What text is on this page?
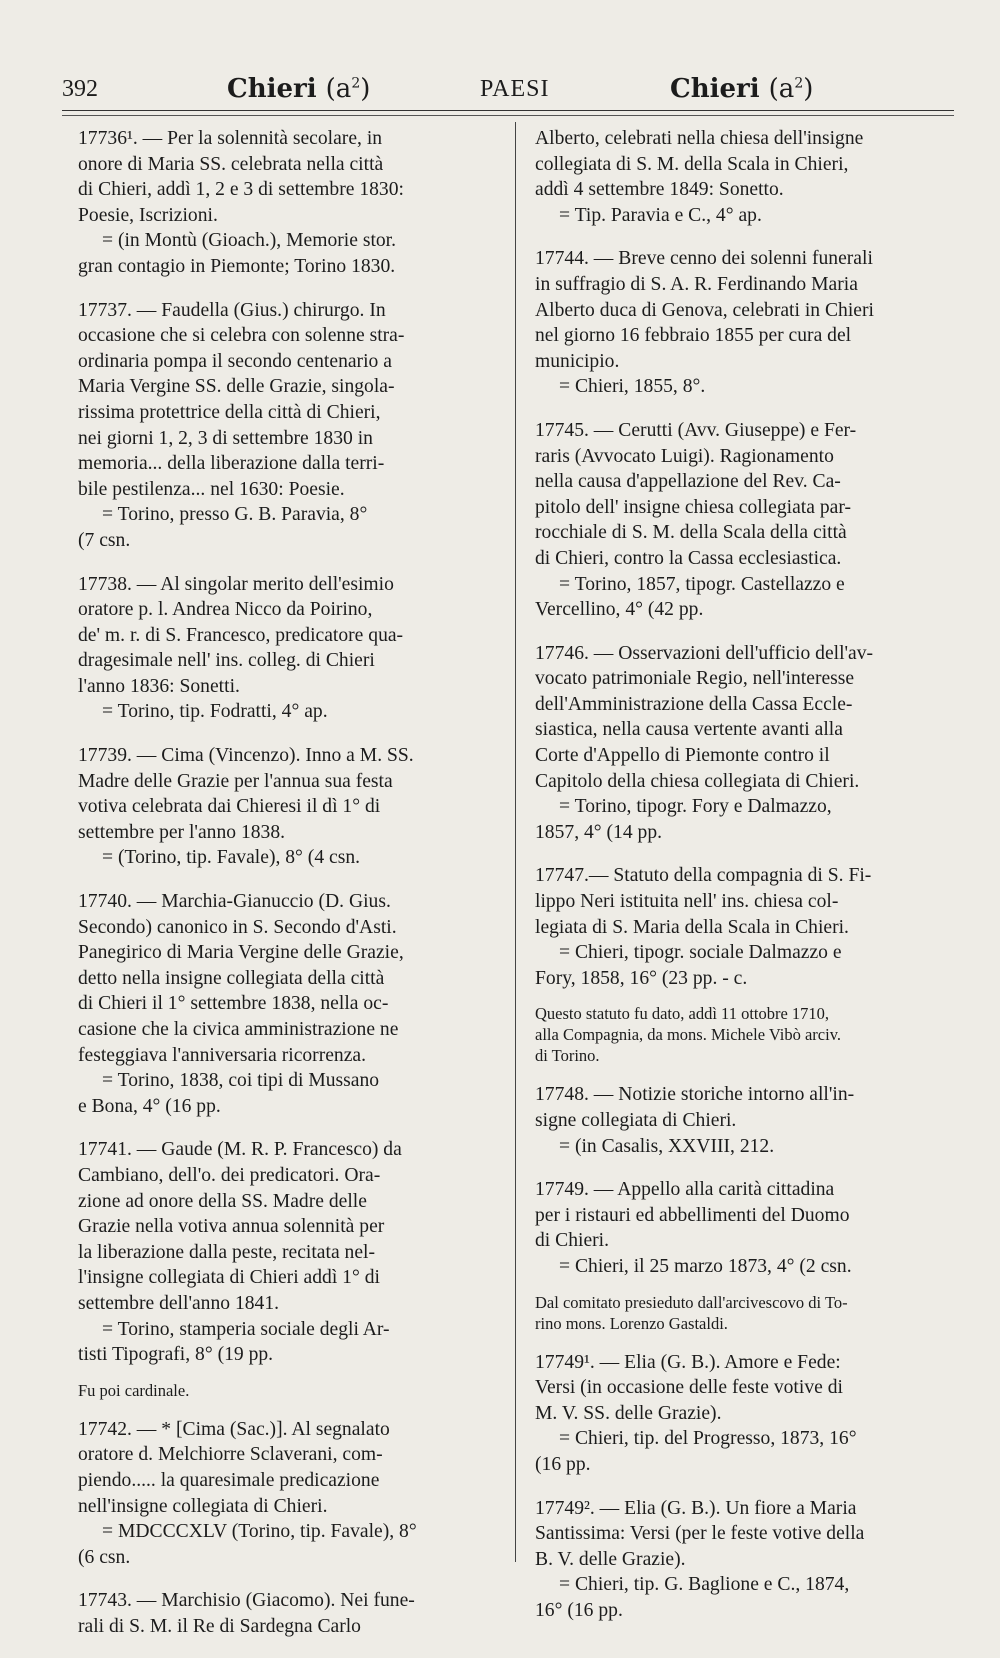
392	Chieri $(a^2)$	PAESI	Chieri $(a^2)$
17736¹. — Per la solennità secolare, in
onore di Maria SS. celebrata nella città
di Chieri, addì 1, 2 e 3 di settembre 1830:
Poesie, Iscrizioni.
= (in Montù (Gioach.), Memorie stor.
gran contagio in Piemonte; Torino 1830.
17737. — Faudella (Gius.) chirurgo. In
occasione che si celebra con solenne stra-
ordinaria pompa il secondo centenario a
Maria Vergine SS. delle Grazie, singola-
rissima protettrice della città di Chieri,
nei giorni 1, 2, 3 di settembre 1830 in
memoria... della liberazione dalla terri-
bile pestilenza... nel 1630: Poesie.
= Torino, presso G. B. Paravia, 8°
(7 csn.
17738. — Al singolar merito dell'esimio
oratore p. l. Andrea Nicco da Poirino,
de' m. r. di S. Francesco, predicatore qua-
dragesimale nell' ins. colleg. di Chieri
l'anno 1836: Sonetti.
= Torino, tip. Fodratti, 4° ap.
17739. — Cima (Vincenzo). Inno a M. SS.
Madre delle Grazie per l'annua sua festa
votiva celebrata dai Chieresi il dì 1° di
settembre per l'anno 1838.
= (Torino, tip. Favale), 8° (4 csn.
17740. — Marchia-Gianuccio (D. Gius.
Secondo) canonico in S. Secondo d'Asti.
Panegirico di Maria Vergine delle Grazie,
detto nella insigne collegiata della città
di Chieri il 1° settembre 1838, nella oc-
casione che la civica amministrazione ne
festeggiava l'anniversaria ricorrenza.
= Torino, 1838, coi tipi di Mussano
e Bona, 4° (16 pp.
17741. — Gaude (M. R. P. Francesco) da
Cambiano, dell'o. dei predicatori. Ora-
zione ad onore della SS. Madre delle
Grazie nella votiva annua solennità per
la liberazione dalla peste, recitata nel-
l'insigne collegiata di Chieri addì 1° di
settembre dell'anno 1841.
= Torino, stamperia sociale degli Ar-
tisti Tipografi, 8° (19 pp.
Fu poi cardinale.
17742. — * [Cima (Sac.)]. Al segnalato
oratore d. Melchiorre Sclaverani, com-
piendo..... la quaresimale predicazione
nell'insigne collegiata di Chieri.
= MDCCCXLV (Torino, tip. Favale), 8°
(6 csn.
17743. — Marchisio (Giacomo). Nei fune-
rali di S. M. il Re di Sardegna Carlo
Alberto, celebrati nella chiesa dell'insigne
collegiata di S. M. della Scala in Chieri,
addì 4 settembre 1849: Sonetto.
= Tip. Paravia e C., 4° ap.
17744. — Breve cenno dei solenni funerali
in suffragio di S. A. R. Ferdinando Maria
Alberto duca di Genova, celebrati in Chieri
nel giorno 16 febbraio 1855 per cura del
municipio.
= Chieri, 1855, 8°.
17745. — Cerutti (Avv. Giuseppe) e Fer-
raris (Avvocato Luigi). Ragionamento
nella causa d'appellazione del Rev. Ca-
pitolo dell' insigne chiesa collegiata par-
rocchiale di S. M. della Scala della città
di Chieri, contro la Cassa ecclesiastica.
= Torino, 1857, tipogr. Castellazzo e
Vercellino, 4° (42 pp.
17746. — Osservazioni dell'ufficio dell'av-
vocato patrimoniale Regio, nell'interesse
dell'Amministrazione della Cassa Eccle-
siastica, nella causa vertente avanti alla
Corte d'Appello di Piemonte contro il
Capitolo della chiesa collegiata di Chieri.
= Torino, tipogr. Fory e Dalmazzo,
1857, 4° (14 pp.
17747.— Statuto della compagnia di S. Fi-
lippo Neri istituita nell' ins. chiesa col-
legiata di S. Maria della Scala in Chieri.
= Chieri, tipogr. sociale Dalmazzo e
Fory, 1858, 16° (23 pp. - c.
Questo statuto fu dato, addì 11 ottobre 1710,
alla Compagnia, da mons. Michele Vibò arciv.
di Torino.
17748. — Notizie storiche intorno all'in-
signe collegiata di Chieri.
= (in Casalis, XXVIII, 212.
17749. — Appello alla carità cittadina
per i ristauri ed abbellimenti del Duomo
di Chieri.
= Chieri, il 25 marzo 1873, 4° (2 csn.
Dal comitato presieduto dall'arcivescovo di To-
rino mons. Lorenzo Gastaldi.
17749¹. — Elia (G. B.). Amore e Fede:
Versi (in occasione delle feste votive di
M. V. SS. delle Grazie).
= Chieri, tip. del Progresso, 1873, 16°
(16 pp.
17749². — Elia (G. B.). Un fiore a Maria
Santissima: Versi (per le feste votive della
B. V. delle Grazie).
= Chieri, tip. G. Baglione e C., 1874,
16° (16 pp.
